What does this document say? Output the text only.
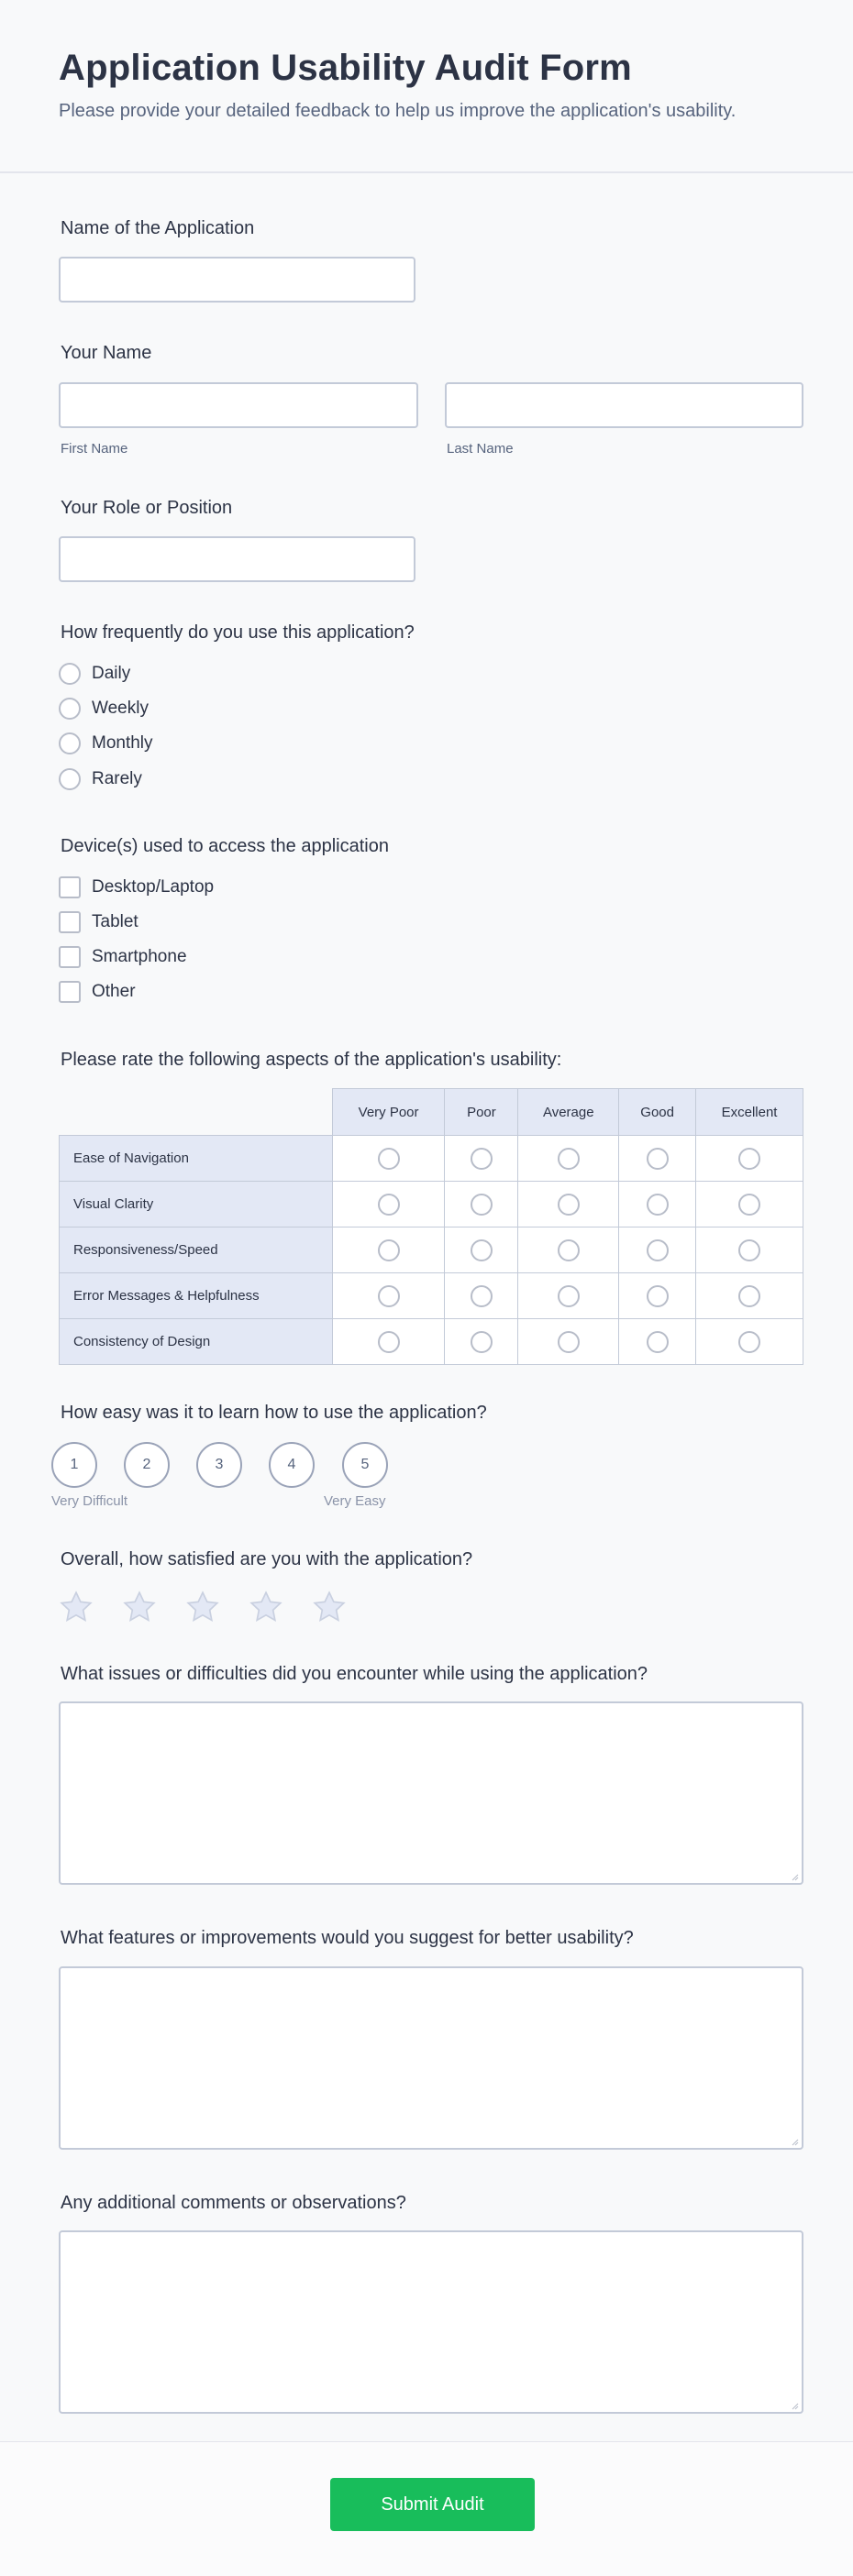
Application Usability Audit Form
Please provide your detailed feedback to help us improve the application's usability.
Name of the Application
Your Name
First Name	Last Name
Your Role or Position
How frequently do you use this application?
Daily
Weekly
Monthly
Rarely
Device(s) used to access the application
Desktop/Laptop
Tablet
Smartphone
Other
Please rate the following aspects of the application's usability:
	Very Poor	Poor	Average	Good	Excellent
Ease of Navigation					
Visual Clarity					
Responsiveness/Speed					
Error Messages & Helpfulness					
Consistency of Design					
How easy was it to learn how to use the application?
1	2	3	4	5
Very Difficult	Very Easy
Overall, how satisfied are you with the application?
What issues or difficulties did you encounter while using the application?
What features or improvements would you suggest for better usability?
Any additional comments or observations?
Submit Audit
